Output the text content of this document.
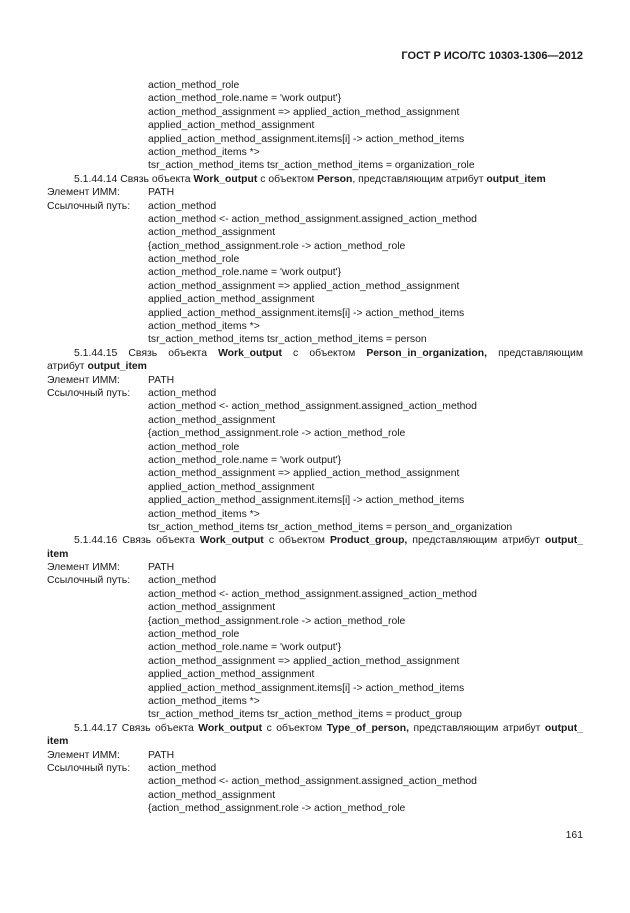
ГОСТ Р ИСО/ТС 10303-1306—2012
action_method_role
action_method_role.name = 'work output'}
action_method_assignment => applied_action_method_assignment
applied_action_method_assignment
applied_action_method_assignment.items[i] -> action_method_items
action_method_items *>
tsr_action_method_items tsr_action_method_items = organization_role
5.1.44.14 Связь объекта Work_output с объектом Person, представляющим атрибут output_item
Элемент ИММ:	PATH
Ссылочный путь:	action_method
action_method <- action_method_assignment.assigned_action_method
action_method_assignment
{action_method_assignment.role -> action_method_role
action_method_role
action_method_role.name = 'work output'}
action_method_assignment => applied_action_method_assignment
applied_action_method_assignment
applied_action_method_assignment.items[i] -> action_method_items
action_method_items *>
tsr_action_method_items tsr_action_method_items = person
5.1.44.15 Связь объекта Work_output с объектом Person_in_organization, представляющим
атрибут output_item
Элемент ИММ:	PATH
Ссылочный путь:	action_method
action_method <- action_method_assignment.assigned_action_method
action_method_assignment
{action_method_assignment.role -> action_method_role
action_method_role
action_method_role.name = 'work output'}
action_method_assignment => applied_action_method_assignment
applied_action_method_assignment
applied_action_method_assignment.items[i] -> action_method_items
action_method_items *>
tsr_action_method_items tsr_action_method_items = person_and_organization
5.1.44.16 Связь объекта Work_output с объектом Product_group, представляющим атрибут output_
item
Элемент ИММ:	PATH
Ссылочный путь:	action_method
action_method <- action_method_assignment.assigned_action_method
action_method_assignment
{action_method_assignment.role -> action_method_role
action_method_role
action_method_role.name = 'work output'}
action_method_assignment => applied_action_method_assignment
applied_action_method_assignment
applied_action_method_assignment.items[i] -> action_method_items
action_method_items *>
tsr_action_method_items tsr_action_method_items = product_group
5.1.44.17 Связь объекта Work_output с объектом Type_of_person, представляющим атрибут output_
item
Элемент ИММ:	PATH
Ссылочный путь:	action_method
action_method <- action_method_assignment.assigned_action_method
action_method_assignment
{action_method_assignment.role -> action_method_role
161
